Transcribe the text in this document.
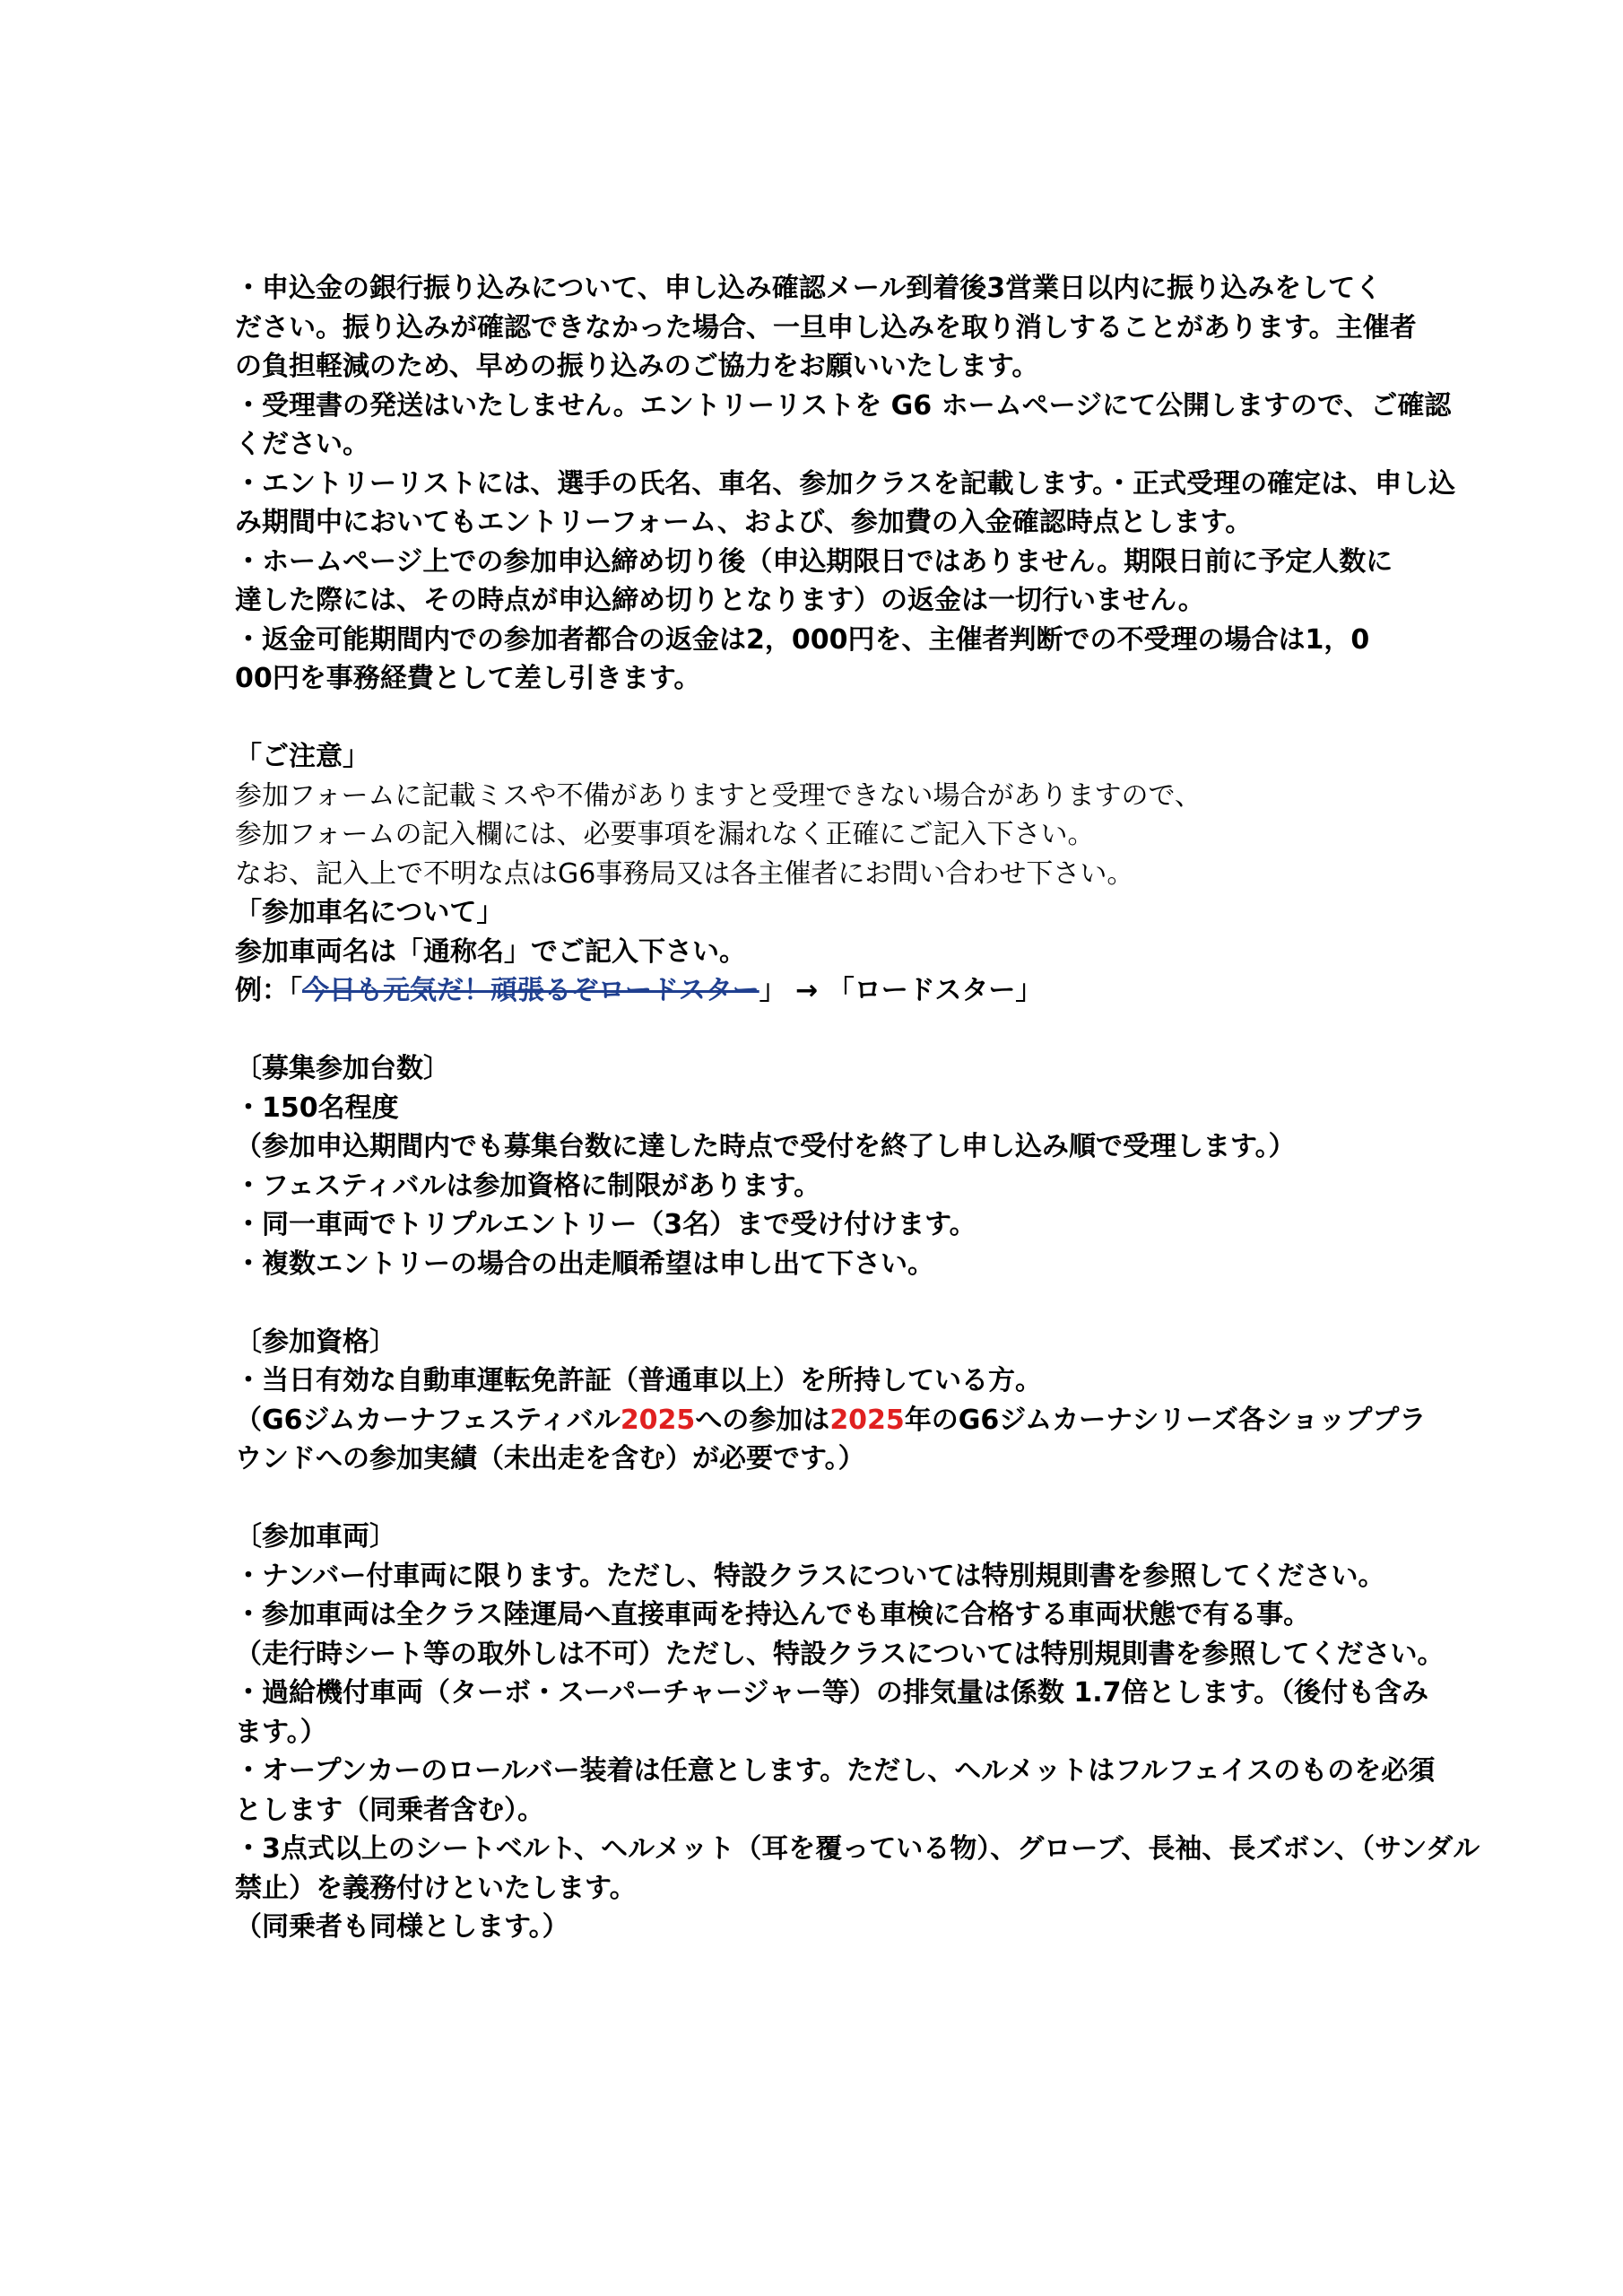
・申込金の銀行振り込みについて、申し込み確認メール到着後3営業日以内に振り込みをしてく
ださい。振り込みが確認できなかった場合、一旦申し込みを取り消しすることがあります。主催者
の負担軽減のため、早めの振り込みのご協力をお願いいたします。
・受理書の発送はいたしません。エントリーリストを G6 ホームページにて公開しますので、ご確認
ください。
・エントリーリストには、選手の氏名、車名、参加クラスを記載します。・正式受理の確定は、申し込
み期間中においてもエントリーフォーム、および、参加費の入金確認時点とします。
・ホームページ上での参加申込締め切り後（申込期限日ではありません。期限日前に予定人数に
達した際には、その時点が申込締め切りとなります）の返金は一切行いません。
・返金可能期間内での参加者都合の返金は2，000円を、主催者判断での不受理の場合は1，0
00円を事務経費として差し引きます。
「ご注意」
参加フォームに記載ミスや不備がありますと受理できない場合がありますので、
参加フォームの記入欄には、必要事項を漏れなく正確にご記入下さい。
なお、記入上で不明な点はG6事務局又は各主催者にお問い合わせ下さい。
「参加車名について」
参加車両名は「通称名」でご記入下さい。
例：「今日も元気だ！頑張るぞロードスター」 → 「ロードスター」
〔募集参加台数〕
・150名程度
（参加申込期間内でも募集台数に達した時点で受付を終了し申し込み順で受理します。）
・フェスティバルは参加資格に制限があります。
・同一車両でトリプルエントリー（3名）まで受け付けます。
・複数エントリーの場合の出走順希望は申し出て下さい。
〔参加資格〕
・当日有効な自動車運転免許証（普通車以上）を所持している方。
（G6ジムカーナフェスティバル2025への参加は2025年のG6ジムカーナシリーズ各ショッププラ
ウンドへの参加実績（未出走を含む）が必要です。）
〔参加車両〕
・ナンバー付車両に限ります。ただし、特設クラスについては特別規則書を参照してください。
・参加車両は全クラス陸運局へ直接車両を持込んでも車検に合格する車両状態で有る事。
（走行時シート等の取外しは不可）ただし、特設クラスについては特別規則書を参照してください。
・過給機付車両（ターボ・スーパーチャージャー等）の排気量は係数 1.7倍とします。（後付も含み
ます。）
・オープンカーのロールバー装着は任意とします。ただし、ヘルメットはフルフェイスのものを必須
とします（同乗者含む）。
・3点式以上のシートベルト、ヘルメット（耳を覆っている物）、グローブ、長袖、長ズボン、（サンダル
禁止）を義務付けといたします。
（同乗者も同様とします。）
